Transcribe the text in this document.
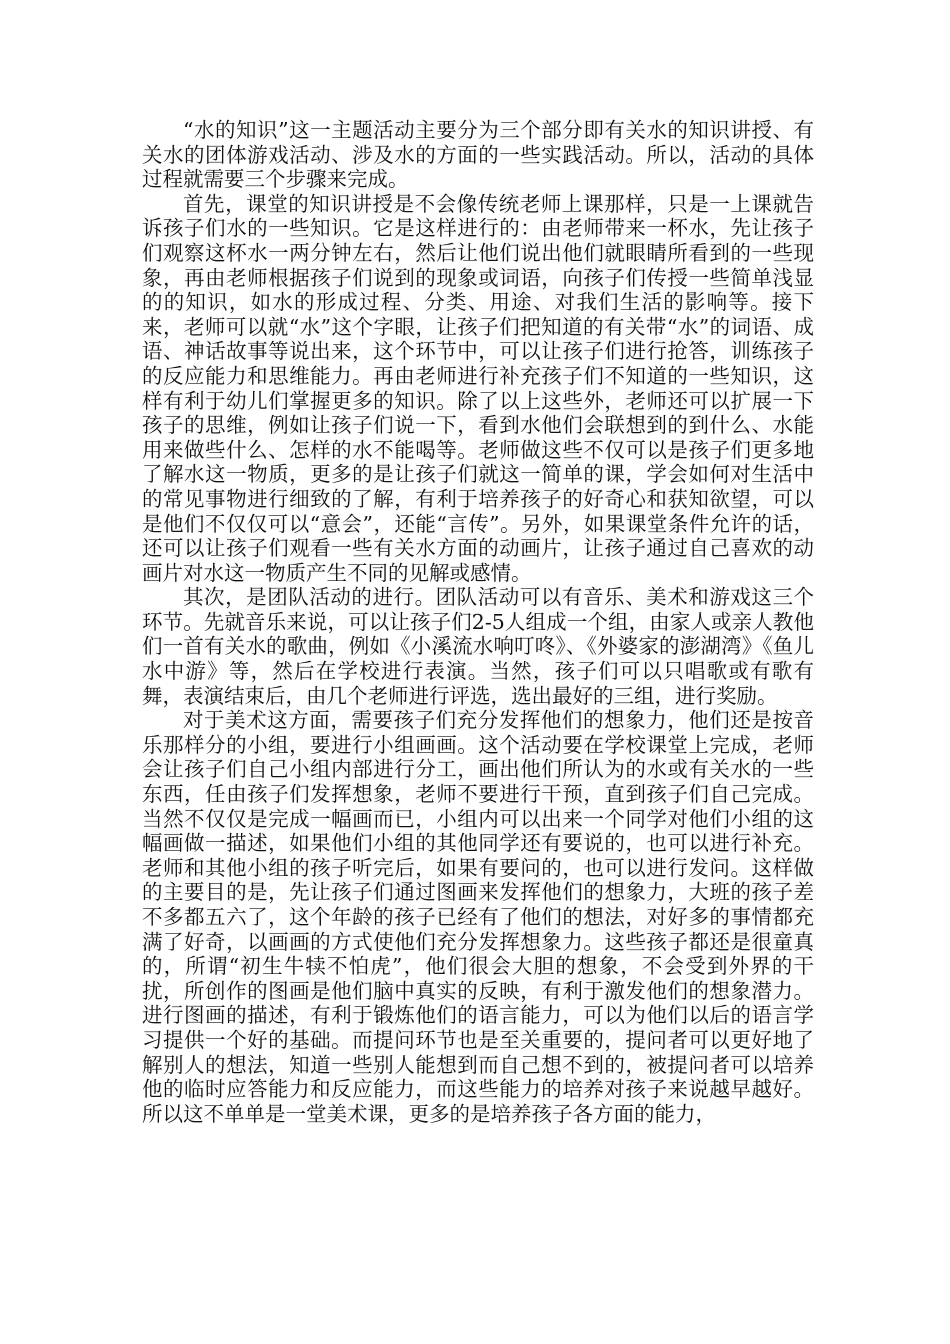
“水的知识”这一主题活动主要分为三个部分即有关水的知识讲授、有关水的团体游戏活动、涉及水的方面的一些实践活动。所以，活动的具体过程就需要三个步骤来完成。

首先，课堂的知识讲授是不会像传统老师上课那样，只是一上课就告诉孩子们水的一些知识。它是这样进行的：由老师带来一杯水，先让孩子们观察这杯水一两分钟左右，然后让他们说出他们就眼睛所看到的一些现象，再由老师根据孩子们说到的现象或词语，向孩子们传授一些简单浅显的的知识，如水的形成过程、分类、用途、对我们生活的影响等。接下来，老师可以就“水”这个字眼，让孩子们把知道的有关带“水”的词语、成语、神话故事等说出来，这个环节中，可以让孩子们进行抢答，训练孩子的反应能力和思维能力。再由老师进行补充孩子们不知道的一些知识，这样有利于幼儿们掌握更多的知识。除了以上这些外，老师还可以扩展一下孩子的思维，例如让孩子们说一下，看到水他们会联想到的到什么、水能用来做些什么、怎样的水不能喝等。老师做这些不仅可以是孩子们更多地了解水这一物质，更多的是让孩子们就这一简单的课，学会如何对生活中的常见事物进行细致的了解，有利于培养孩子的好奇心和获知欲望，可以是他们不仅仅可以“意会”，还能“言传”。另外，如果课堂条件允许的话，还可以让孩子们观看一些有关水方面的动画片，让孩子通过自己喜欢的动画片对水这一物质产生不同的见解或感情。

其次，是团队活动的进行。团队活动可以有音乐、美术和游戏这三个环节。先就音乐来说，可以让孩子们2-5人组成一个组，由家人或亲人教他们一首有关水的歌曲，例如《小溪流水响叮咚》、《外婆家的澎湖湾》《鱼儿水中游》等，然后在学校进行表演。当然，孩子们可以只唱歌或有歌有舞，表演结束后，由几个老师进行评选，选出最好的三组，进行奖励。

对于美术这方面，需要孩子们充分发挥他们的想象力，他们还是按音乐那样分的小组，要进行小组画画。这个活动要在学校课堂上完成，老师会让孩子们自己小组内部进行分工，画出他们所认为的水或有关水的一些东西，任由孩子们发挥想象，老师不要进行干预，直到孩子们自己完成。当然不仅仅是完成一幅画而已，小组内可以出来一个同学对他们小组的这幅画做一描述，如果他们小组的其他同学还有要说的，也可以进行补充。老师和其他小组的孩子听完后，如果有要问的，也可以进行发问。这样做的主要目的是，先让孩子们通过图画来发挥他们的想象力，大班的孩子差不多都五六了，这个年龄的孩子已经有了他们的想法，对好多的事情都充满了好奇，以画画的方式使他们充分发挥想象力。这些孩子都还是很童真的，所谓“初生牛犊不怕虎”，他们很会大胆的想象，不会受到外界的干扰，所创作的图画是他们脑中真实的反映，有利于激发他们的想象潜力。进行图画的描述，有利于锻炼他们的语言能力，可以为他们以后的语言学习提供一个好的基础。而提问环节也是至关重要的，提问者可以更好地了解别人的想法，知道一些别人能想到而自己想不到的，被提问者可以培养他的临时应答能力和反应能力，而这些能力的培养对孩子来说越早越好。所以这不单单是一堂美术课，更多的是培养孩子各方面的能力，
